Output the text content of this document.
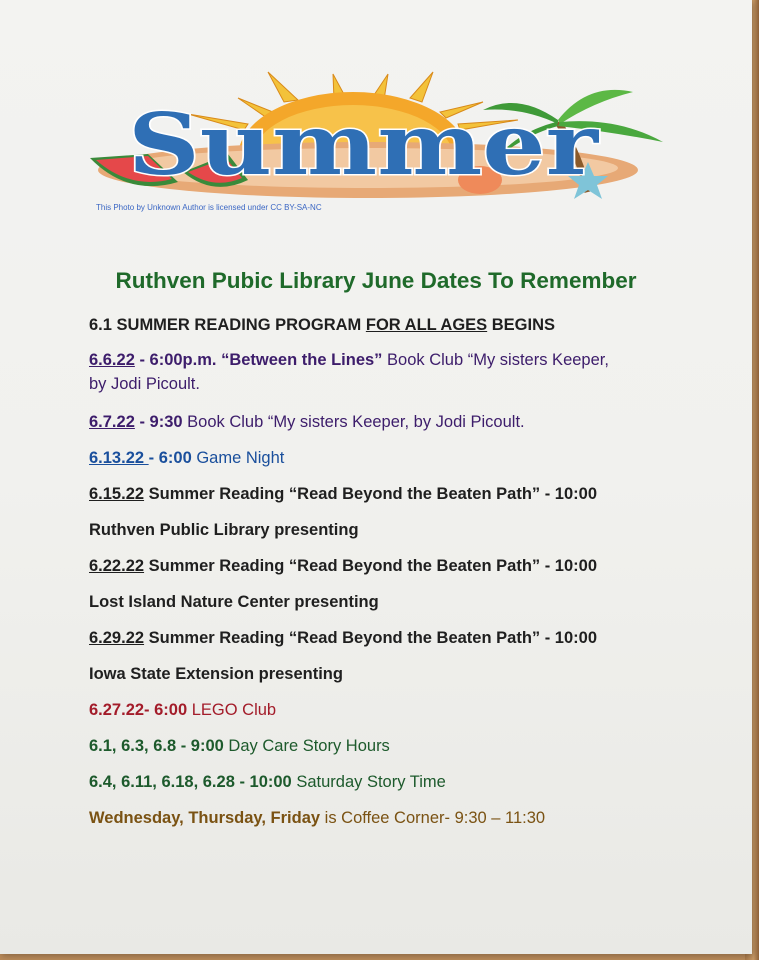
Summer
This Photo by Unknown Author is licensed under CC BY-SA-NC
Ruthven Pubic Library June Dates To Remember
6.1 SUMMER READING PROGRAM FOR ALL AGES BEGINS
6.6.22 - 6:00p.m. “Between the Lines” Book Club “My sisters Keeper,
by Jodi Picoult.
6.7.22 - 9:30 Book Club “My sisters Keeper, by Jodi Picoult.
6.13.22 - 6:00 Game Night
6.15.22 Summer Reading “Read Beyond the Beaten Path” - 10:00
Ruthven Public Library presenting
6.22.22 Summer Reading “Read Beyond the Beaten Path” - 10:00
Lost Island Nature Center presenting
6.29.22 Summer Reading “Read Beyond the Beaten Path” - 10:00
Iowa State Extension presenting
6.27.22- 6:00 LEGO Club
6.1, 6.3, 6.8 - 9:00 Day Care Story Hours
6.4, 6.11, 6.18, 6.28 - 10:00 Saturday Story Time
Wednesday, Thursday, Friday is Coffee Corner- 9:30 – 11:30
